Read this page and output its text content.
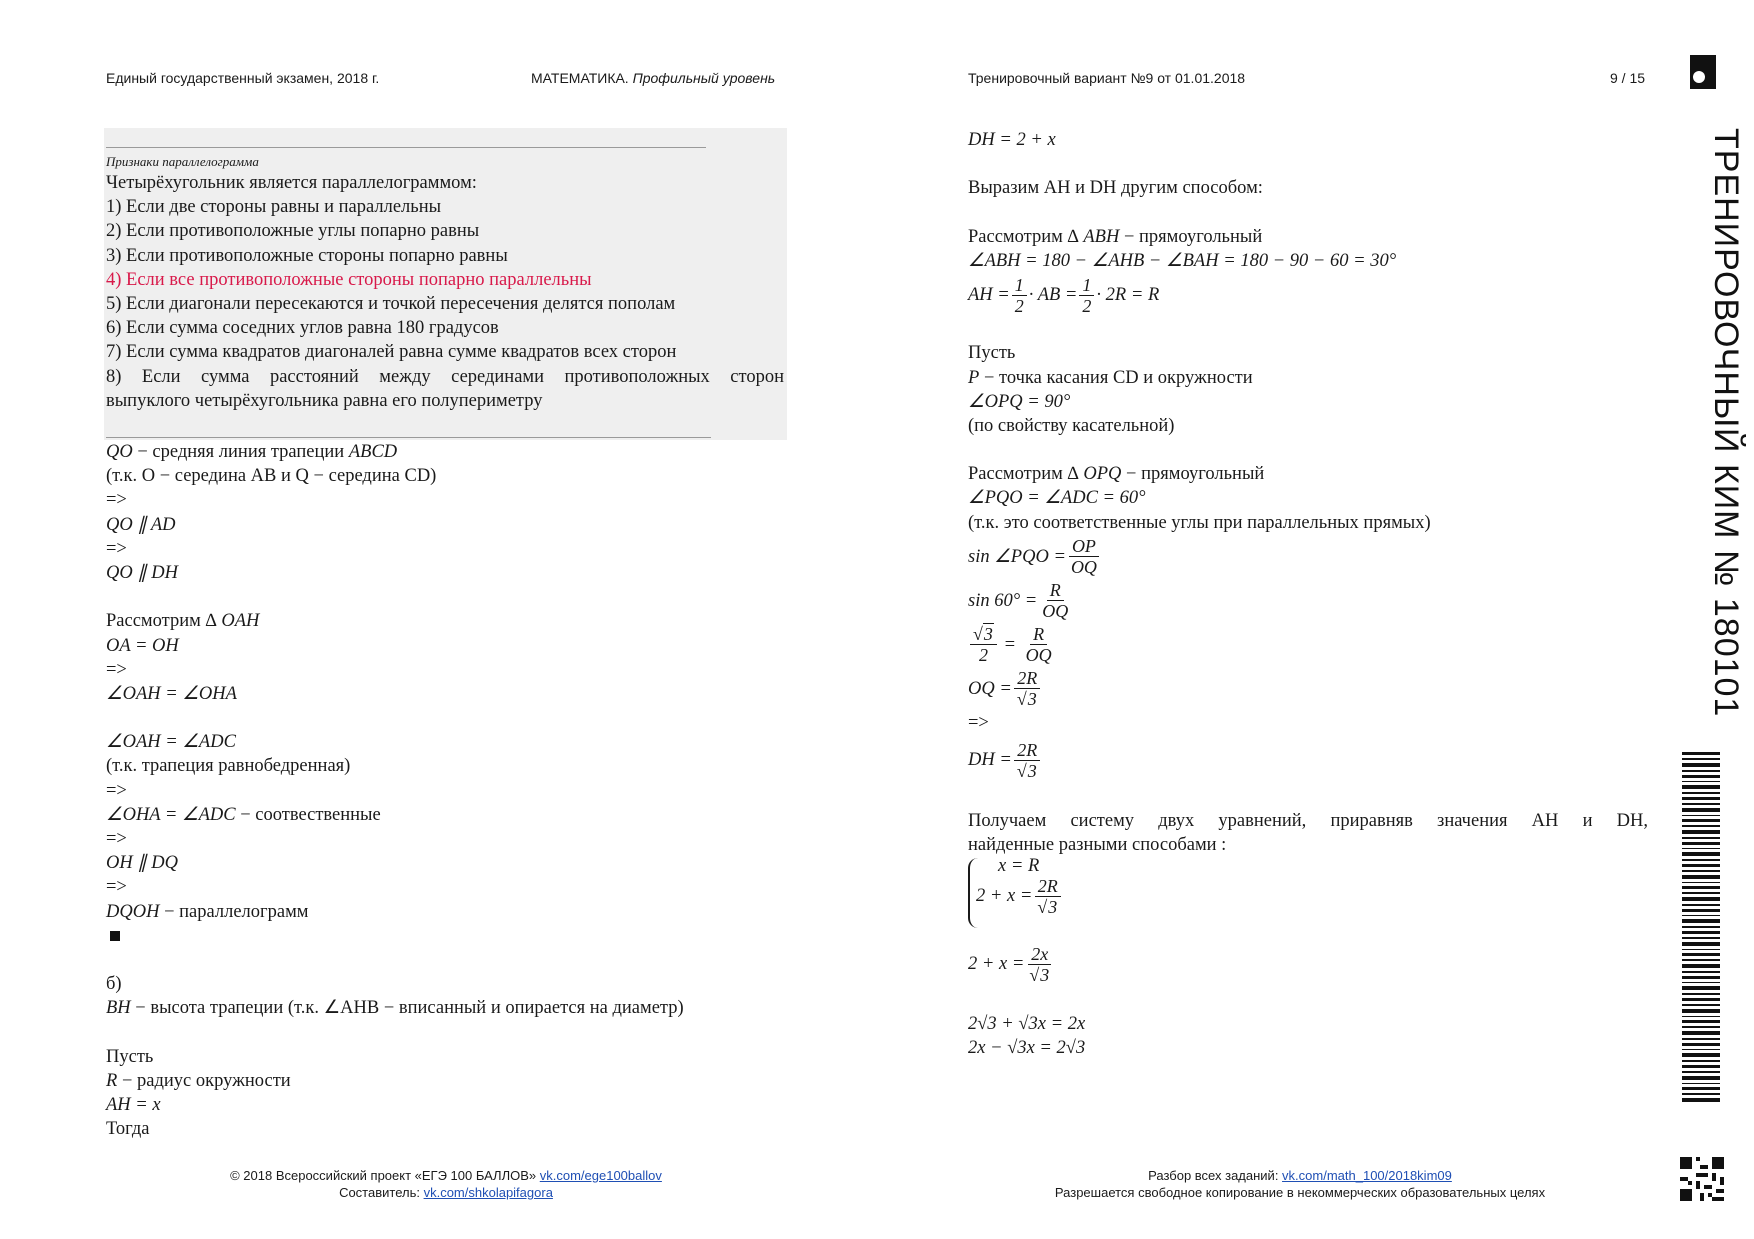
Единый государственный экзамен, 2018 г.	МАТЕМАТИКА. Профильный уровень	Тренировочный вариант №9 от 01.01.2018	9 / 15
ТРЕНИРОВОЧНЫЙ КИМ № 180101
Признаки параллелограмма
Четырёхугольник является параллелограммом:
1) Если две стороны равны и параллельны
2) Если противоположные углы попарно равны
3) Если противоположные стороны попарно равны
4) Если все противоположные стороны попарно параллельны
5) Если диагонали пересекаются и точкой пересечения делятся пополам
6) Если сумма соседних углов равна 180 градусов
7) Если сумма квадратов диагоналей равна сумме квадратов всех сторон
8) Если сумма расстояний между серединами противоположных сторон
выпуклого четырёхугольника равна его полупериметру
QO − средняя линия трапеции ABCD
(т.к. O − середина AB и Q − середина CD)
=>
QO ∥ AD
=>
QO ∥ DH
Рассмотрим ∆ OAH
OA = OH
=>
∠OAH = ∠OHA
∠OAH = ∠ADC
(т.к. трапеция равнобедренная)
=>
∠OHA = ∠ADC − соотвественные
=>
OH ∥ DQ
=>
DQOH − параллелограмм
б)
BH − высота трапеции (т.к. ∠AHB − вписанный и опирается на диаметр)
Пусть
R − радиус окружности
AH = x
Тогда
DH = 2 + x
Выразим AH и DH другим способом:
Рассмотрим ∆ ABH − прямоугольный
∠ABH = 180 − ∠AHB − ∠BAH = 180 − 90 − 60 = 30°
AH = $\frac{1}{2}$ · AB = $\frac{1}{2} \cdot 2R = R$
Пусть
P − точка касания CD и окружности
∠OPQ = 90°
(по свойству касательной)
Рассмотрим ∆ OPQ − прямоугольный
∠PQO = ∠ADC = 60°
(т.к. это соответственные углы при параллельных прямых)
sin ∠PQO = $\frac{OP}{OQ}$
$\sin 60^\circ = \frac{R}{OQ}$
$\frac{√3}{2} = \frac{R}{OQ}$
OQ = $\frac{2R}{√3}$
=>
DH = $\frac{2R}{√3}$
Получаем систему двух уравнений, приравняв значения AH и DH,
найденные разными способами :
x = R
$2 + x = \frac{2R}{√3}$
$2 + x = \frac{2x}{√3}$
2√3 + √3x = 2x
2x − √3x = 2√3
© 2018 Всероссийский проект «ЕГЭ 100 БАЛЛОВ» vk.com/ege100ballov
Составитель: vk.com/shkolapifagora
Разбор всех заданий: vk.com/math_100/2018kim09
Разрешается свободное копирование в некоммерческих образовательных целях
